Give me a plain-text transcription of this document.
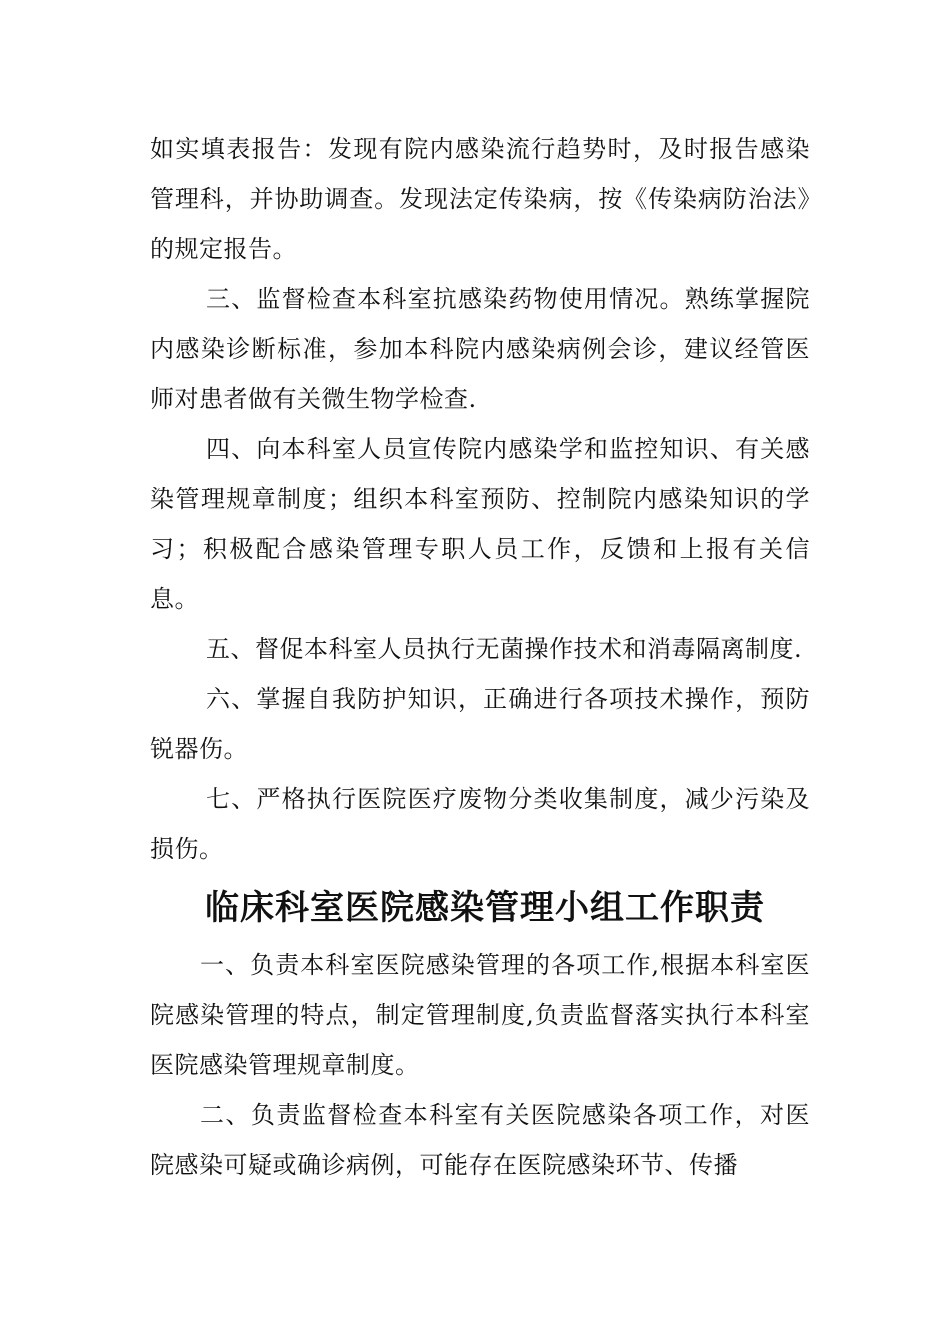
如实填表报告：发现有院内感染流行趋势时，及时报告感染管理科，并协助调查。发现法定传染病，按《传染病防治法》的规定报告。

三、监督检查本科室抗感染药物使用情况。熟练掌握院内感染诊断标准，参加本科院内感染病例会诊，建议经管医师对患者做有关微生物学检查.

四、向本科室人员宣传院内感染学和监控知识、有关感染管理规章制度；组织本科室预防、控制院内感染知识的学习；积极配合感染管理专职人员工作，反馈和上报有关信息。

五、督促本科室人员执行无菌操作技术和消毒隔离制度.

六、掌握自我防护知识，正确进行各项技术操作，预防锐器伤。

七、严格执行医院医疗废物分类收集制度，减少污染及损伤。

临床科室医院感染管理小组工作职责

一、负责本科室医院感染管理的各项工作,根据本科室医院感染管理的特点，制定管理制度,负责监督落实执行本科室医院感染管理规章制度。

二、负责监督检查本科室有关医院感染各项工作，对医院感染可疑或确诊病例，可能存在医院感染环节、传播
